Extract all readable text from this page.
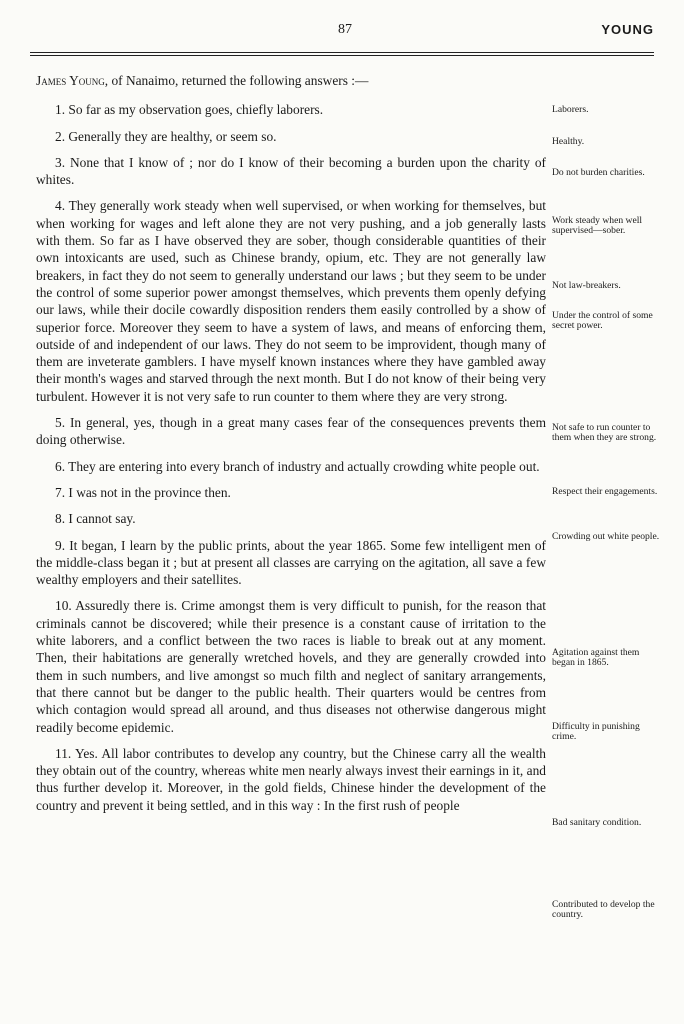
87	YOUNG

James Young, of Nanaimo, returned the following answers :—

1. So far as my observation goes, chiefly laborers.

2. Generally they are healthy, or seem so.

3. None that I know of ; nor do I know of their becoming a burden upon the charity of whites.

4. They generally work steady when well supervised, or when working for themselves, but when working for wages and left alone they are not very pushing, and a job generally lasts with them. So far as I have observed they are sober, though considerable quantities of their own intoxicants are used, such as Chinese brandy, opium, etc. They are not generally law breakers, in fact they do not seem to generally understand our laws ; but they seem to be under the control of some superior power amongst themselves, which prevents them openly defying our laws, while their docile cowardly disposition renders them easily controlled by a show of superior force. Moreover they seem to have a system of laws, and means of enforcing them, outside of and independent of our laws. They do not seem to be improvident, though many of them are inveterate gamblers. I have myself known instances where they have gambled away their month's wages and starved through the next month. But I do not know of their being very turbulent. However it is not very safe to run counter to them where they are very strong.

5. In general, yes, though in a great many cases fear of the consequences prevents them doing otherwise.

6. They are entering into every branch of industry and actually crowding white people out.

7. I was not in the province then.

8. I cannot say.

9. It began, I learn by the public prints, about the year 1865. Some few intelligent men of the middle-class began it ; but at present all classes are carrying on the agitation, all save a few wealthy employers and their satellites.

10. Assuredly there is. Crime amongst them is very difficult to punish, for the reason that criminals cannot be discovered; while their presence is a constant cause of irritation to the white laborers, and a conflict between the two races is liable to break out at any moment. Then, their habitations are generally wretched hovels, and they are generally crowded into them in such numbers, and live amongst so much filth and neglect of sanitary arrangements, that there cannot but be danger to the public health. Their quarters would be centres from which contagion would spread all around, and thus diseases not otherwise dangerous might readily become epidemic.

11. Yes. All labor contributes to develop any country, but the Chinese carry all the wealth they obtain out of the country, whereas white men nearly always invest their earnings in it, and thus further develop it. Moreover, in the gold fields, Chinese hinder the development of the country and prevent it being settled, and in this way : In the first rush of people

Laborers.
Healthy.
Do not burden charities.
Work steady when well supervised—sober.
Not law-breakers.
Under the control of some secret power.
Not safe to run counter to them when they are strong.
Respect their engagements.
Crowding out white people.
Agitation against them began in 1865.
Difficulty in punishing crime.
Bad sanitary condition.
Contributed to develop the country.
